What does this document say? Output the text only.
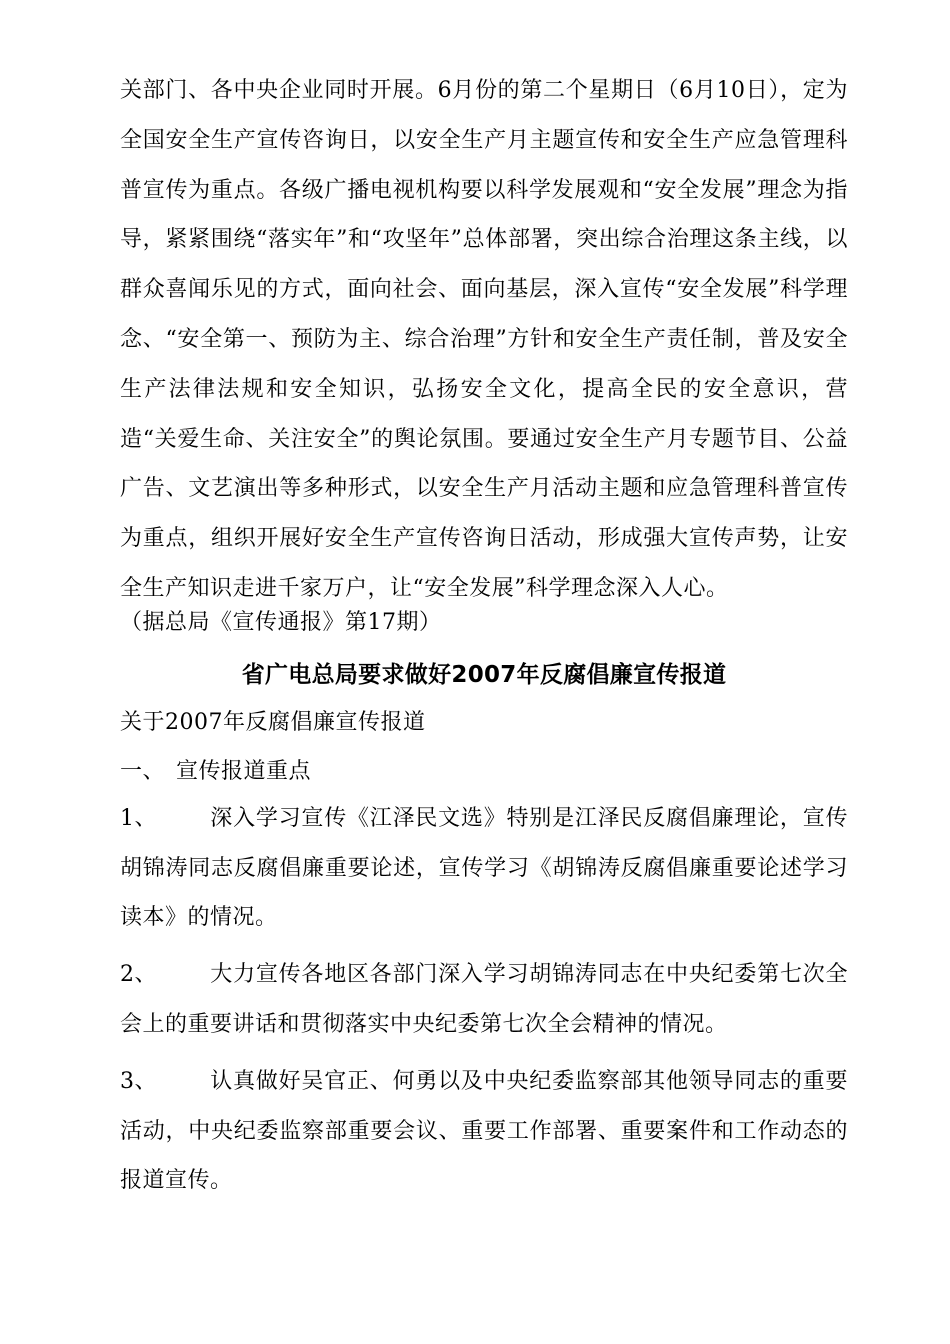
关部门、各中央企业同时开展。6月份的第二个星期日（6月10日），定为全国安全生产宣传咨询日，以安全生产月主题宣传和安全生产应急管理科普宣传为重点。各级广播电视机构要以科学发展观和“安全发展”理念为指导，紧紧围绕“落实年”和“攻坚年”总体部署，突出综合治理这条主线，以群众喜闻乐见的方式，面向社会、面向基层，深入宣传“安全发展”科学理念、“安全第一、预防为主、综合治理”方针和安全生产责任制，普及安全生产法律法规和安全知识，弘扬安全文化，提高全民的安全意识，营造“关爱生命、关注安全”的舆论氛围。要通过安全生产月专题节目、公益广告、文艺演出等多种形式，以安全生产月活动主题和应急管理科普宣传为重点，组织开展好安全生产宣传咨询日活动，形成强大宣传声势，让安全生产知识走进千家万户，让“安全发展”科学理念深入人心。

（据总局《宣传通报》第17期）

省广电总局要求做好2007年反腐倡廉宣传报道

关于2007年反腐倡廉宣传报道

一、 宣传报道重点

1、 深入学习宣传《江泽民文选》特别是江泽民反腐倡廉理论，宣传胡锦涛同志反腐倡廉重要论述，宣传学习《胡锦涛反腐倡廉重要论述学习读本》的情况。

2、 大力宣传各地区各部门深入学习胡锦涛同志在中央纪委第七次全会上的重要讲话和贯彻落实中央纪委第七次全会精神的情况。

3、 认真做好吴官正、何勇以及中央纪委监察部其他领导同志的重要活动，中央纪委监察部重要会议、重要工作部署、重要案件和工作动态的报道宣传。
